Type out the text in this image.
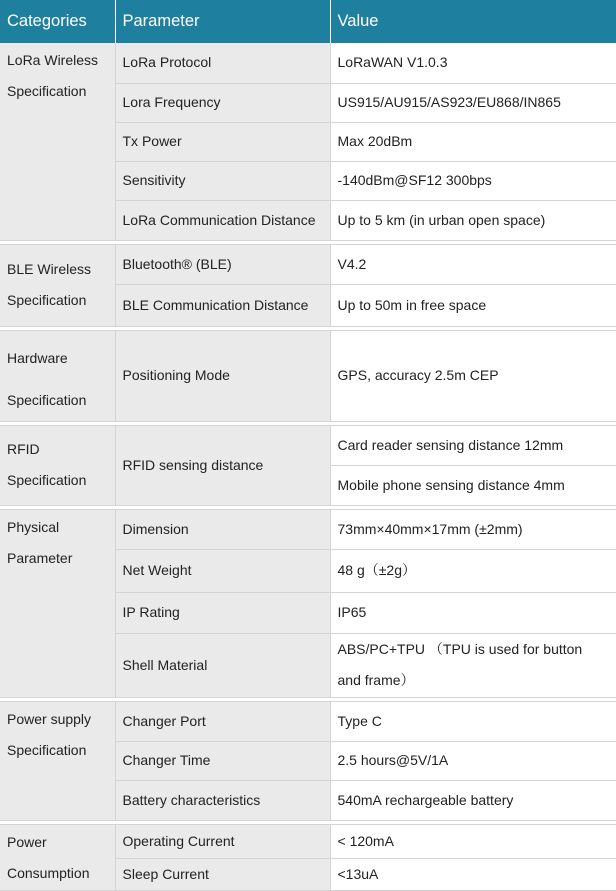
Categories	Parameter	Value

LoRa Wireless
Specification	LoRa Protocol	LoRaWAN V1.0.3
	Lora Frequency	US915/AU915/AS923/EU868/IN865
	Tx Power	Max 20dBm
	Sensitivity	-140dBm@SF12 300bps
	LoRa Communication Distance	Up to 5 km (in urban open space)

BLE Wireless
Specification	Bluetooth® (BLE)	V4.2
	BLE Communication Distance	Up to 50m in free space

Hardware
Specification	Positioning Mode	GPS, accuracy 2.5m CEP

RFID
Specification	RFID sensing distance	Card reader sensing distance 12mm
		Mobile phone sensing distance 4mm

Physical
Parameter	Dimension	73mm×40mm×17mm (±2mm)
	Net Weight	48 g（±2g）
	IP Rating	IP65
	Shell Material	ABS/PC+TPU （TPU is used for button
and frame）

Power supply
Specification	Changer Port	Type C
	Changer Time	2.5 hours@5V/1A
	Battery characteristics	540mA rechargeable battery

Power
Consumption	Operating Current	< 120mA
	Sleep Current	<13uA
